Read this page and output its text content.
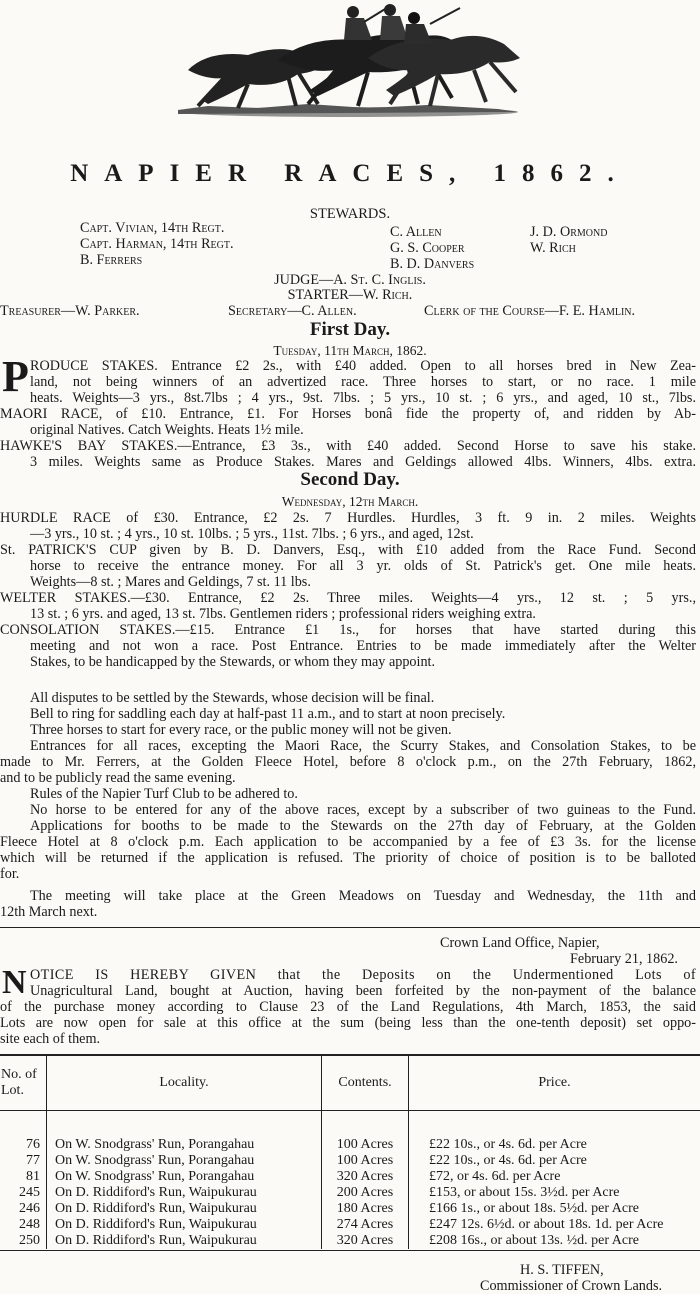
NAPIER RACES, 1862.
STEWARDS.
Capt. Vivian, 14th Regt.
Capt. Harman, 14th Regt.
B. Ferrers
C. Allen
G. S. Cooper
B. D. Danvers
J. D. Ormond
W. Rich
JUDGE—A. St. C. Inglis.
STARTER—W. Rich.
Treasurer—W. Parker.	Secretary—C. Allen.	Clerk of the Course—F. E. Hamlin.
First Day.
Tuesday, 11th March, 1862.
P RODUCE STAKES. Entrance £2 2s., with £40 added. Open to all horses bred in New Zea-
land, not being winners of an advertized race. Three horses to start, or no race. 1 mile
heats. Weights—3 yrs., 8st.7lbs ; 4 yrs., 9st. 7lbs. ; 5 yrs., 10 st. ; 6 yrs., and aged, 10 st., 7lbs.
MAORI RACE, of £10. Entrance, £1. For Horses bonâ fide the property of, and ridden by Ab-
original Natives. Catch Weights. Heats 1½ mile.
HAWKE'S BAY STAKES.—Entrance, £3 3s., with £40 added. Second Horse to save his stake.
3 miles. Weights same as Produce Stakes. Mares and Geldings allowed 4lbs. Winners, 4lbs. extra.
Second Day.
Wednesday, 12th March.
HURDLE RACE of £30. Entrance, £2 2s. 7 Hurdles. Hurdles, 3 ft. 9 in. 2 miles. Weights
—3 yrs., 10 st. ; 4 yrs., 10 st. 10lbs. ; 5 yrs., 11st. 7lbs. ; 6 yrs., and aged, 12st.
St. PATRICK'S CUP given by B. D. Danvers, Esq., with £10 added from the Race Fund. Second
horse to receive the entrance money. For all 3 yr. olds of St. Patrick's get. One mile heats.
Weights—8 st. ; Mares and Geldings, 7 st. 11 lbs.
WELTER STAKES.—£30. Entrance, £2 2s. Three miles. Weights—4 yrs., 12 st. ; 5 yrs.,
13 st. ; 6 yrs. and aged, 13 st. 7lbs. Gentlemen riders ; professional riders weighing extra.
CONSOLATION STAKES.—£15. Entrance £1 1s., for horses that have started during this
meeting and not won a race. Post Entrance. Entries to be made immediately after the Welter
Stakes, to be handicapped by the Stewards, or whom they may appoint.
All disputes to be settled by the Stewards, whose decision will be final.
Bell to ring for saddling each day at half-past 11 a.m., and to start at noon precisely.
Three horses to start for every race, or the public money will not be given.
Entrances for all races, excepting the Maori Race, the Scurry Stakes, and Consolation Stakes, to be
made to Mr. Ferrers, at the Golden Fleece Hotel, before 8 o'clock p.m., on the 27th February, 1862,
and to be publicly read the same evening.
Rules of the Napier Turf Club to be adhered to.
No horse to be entered for any of the above races, except by a subscriber of two guineas to the Fund.
Applications for booths to be made to the Stewards on the 27th day of February, at the Golden
Fleece Hotel at 8 o'clock p.m. Each application to be accompanied by a fee of £3 3s. for the license
which will be returned if the application is refused. The priority of choice of position is to be balloted
for.
The meeting will take place at the Green Meadows on Tuesday and Wednesday, the 11th and
12th March next.
Crown Land Office, Napier,
February 21, 1862.
N OTICE IS HEREBY GIVEN that the Deposits on the Undermentioned Lots of
Unagricultural Land, bought at Auction, having been forfeited by the non-payment of the balance
of the purchase money according to Clause 23 of the Land Regulations, 4th March, 1853, the said
Lots are now open for sale at this office at the sum (being less than the one-tenth deposit) set oppo-
site each of them.
No. of Lot.	Locality.	Contents.	Price.

76	On W. Snodgrass' Run, Porangahau	100 Acres	£22 10s., or 4s. 6d. per Acre
77	On W. Snodgrass' Run, Porangahau	100 Acres	£22 10s., or 4s. 6d. per Acre
81	On W. Snodgrass' Run, Porangahau	320 Acres	£72, or 4s. 6d. per Acre
245	On D. Riddiford's Run, Waipukurau	200 Acres	£153, or about 15s. 3½d. per Acre
246	On D. Riddiford's Run, Waipukurau	180 Acres	£166 1s., or about 18s. 5½d. per Acre
248	On D. Riddiford's Run, Waipukurau	274 Acres	£247 12s. 6½d. or about 18s. 1d. per Acre
250	On D. Riddiford's Run, Waipukurau	320 Acres	£208 16s., or about 13s. ½d. per Acre
H. S. TIFFEN,
Commissioner of Crown Lands.
